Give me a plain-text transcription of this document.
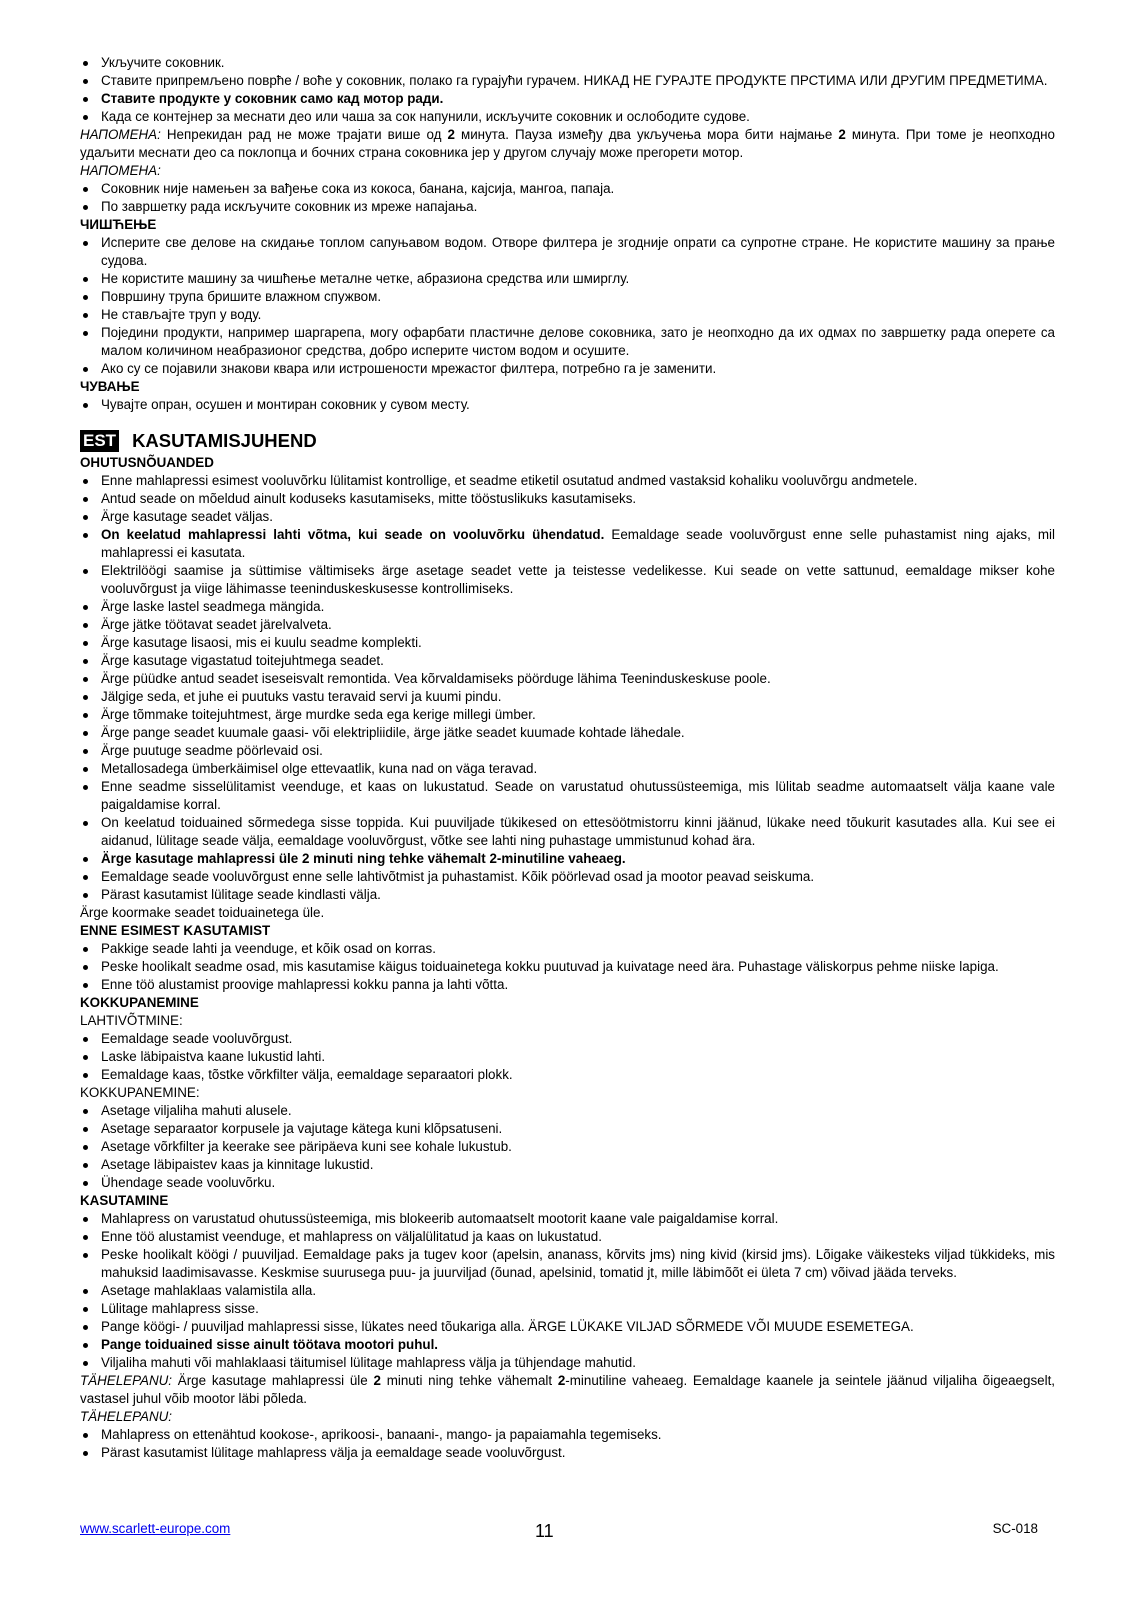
Укључите соковник.
Ставите припремљено поврће / воће у соковник, полако га гурајући гурачем. НИКАД НЕ ГУРАЈТЕ ПРОДУКТЕ ПРСТИМА ИЛИ ДРУГИМ ПРЕДМЕТИМА.
Ставите продукте у соковник само кад мотор ради.
Када се контејнер за меснати део или чаша за сок напунили, искључите соковник и ослободите судове.

НАПОМЕНА: Непрекидан рад не може трајати више од 2 минута. Пауза између два укључења мора бити најмање 2 минута. При томе је неопходно удаљити меснати део са поклопца и бочних страна соковника јер у другом случају може прегорети мотор.

НАПОМЕНА:

Соковник није намењен за вађење сока из кокоса, банана, кајсија, мангоа, папаја.
По завршетку рада искључите соковник из мреже напајања.
ЧИШЋЕЊЕ
Исперите све делове на скидање топлом сапуњавом водом. Отворе филтера је згодније опрати са супротне стране. Не користите машину за прање судова.
Не користите машину за чишћење металне четке, абразиона средства или шмирглу.
Површину трупа бришите влажном спужвом.
Не стављајте труп у воду.
Поједини продукти, например шаргарепа, могу офарбати пластичне делове соковника, зато је неопходно да их одмах по завршетку рада оперете са малом количином неабразионог средства, добро исперите чистом водом и осушите.
Ако су се појавили знакови квара или истрошености мрежастог филтера, потребно га је заменити.
ЧУВАЊЕ
Чувајте опран, осушен и монтиран соковник у сувом месту.
EST KASUTAMISJUHEND
OHUTUSNÕUANDED
Enne mahlapressi esimest vooluvõrku lülitamist kontrollige, et seadme etiketil osutatud andmed vastaksid kohaliku vooluvõrgu andmetele.
Antud seade on mõeldud ainult koduseks kasutamiseks, mitte tööstuslikuks kasutamiseks.
Ärge kasutage seadet väljas.
On keelatud mahlapressi lahti võtma, kui seade on vooluvõrku ühendatud. Eemaldage seade vooluvõrgust enne selle puhastamist ning ajaks, mil mahlapressi ei kasutata.
Elektrilöögi saamise ja süttimise vältimiseks ärge asetage seadet vette ja teistesse vedelikesse. Kui seade on vette sattunud, eemaldage mikser kohe vooluvõrgust ja viige lähimasse teeninduskeskusesse kontrollimiseks.
Ärge laske lastel seadmega mängida.
Ärge jätke töötavat seadet järelvalveta.
Ärge kasutage lisaosi, mis ei kuulu seadme komplekti.
Ärge kasutage vigastatud toitejuhtmega seadet.
Ärge püüdke antud seadet iseseisvalt remontida. Vea kõrvaldamiseks pöörduge lähima Teeninduskeskuse poole.
Jälgige seda, et juhe ei puutuks vastu teravaid servi ja kuumi pindu.
Ärge tõmmake toitejuhtmest, ärge murdke seda ega kerige millegi ümber.
Ärge pange seadet kuumale gaasi- või elektripliidile, ärge jätke seadet kuumade kohtade lähedale.
Ärge puutuge seadme pöörlevaid osi.
Metallosadega ümberkäimisel olge ettevaatlik, kuna nad on väga teravad.
Enne seadme sisselülitamist veenduge, et kaas on lukustatud. Seade on varustatud ohutussüsteemiga, mis lülitab seadme automaatselt välja kaane vale paigaldamise korral.
On keelatud toiduained sõrmedega sisse toppida. Kui puuviljade tükikesed on ettesöötmistorru kinni jäänud, lükake need tõukurit kasutades alla. Kui see ei aidanud, lülitage seade välja, eemaldage vooluvõrgust, võtke see lahti ning puhastage ummistunud kohad ära.
Ärge kasutage mahlapressi üle 2 minuti ning tehke vähemalt 2-minutiline vaheaeg.
Eemaldage seade vooluvõrgust enne selle lahtivõtmist ja puhastamist. Kõik pöörlevad osad ja mootor peavad seiskuma.
Pärast kasutamist lülitage seade kindlasti välja.

Ärge koormake seadet toiduainetega üle.

ENNE ESIMEST KASUTAMIST
Pakkige seade lahti ja veenduge, et kõik osad on korras.
Peske hoolikalt seadme osad, mis kasutamise käigus toiduainetega kokku puutuvad ja kuivatage need ära. Puhastage väliskorpus pehme niiske lapiga.
Enne töö alustamist proovige mahlapressi kokku panna ja lahti võtta.
KOKKUPANEMINE

LAHTIVÕTMINE:

Eemaldage seade vooluvõrgust.
Laske läbipaistva kaane lukustid lahti.
Eemaldage kaas, tõstke võrkfilter välja, eemaldage separaatori plokk.

KOKKUPANEMINE:

Asetage viljaliha mahuti alusele.
Asetage separaator korpusele ja vajutage kätega kuni klõpsatuseni.
Asetage võrkfilter ja keerake see päripäeva kuni see kohale lukustub.
Asetage läbipaistev kaas ja kinnitage lukustid.
Ühendage seade vooluvõrku.
KASUTAMINE
Mahlapress on varustatud ohutussüsteemiga, mis blokeerib automaatselt mootorit kaane vale paigaldamise korral.
Enne töö alustamist veenduge, et mahlapress on väljalülitatud ja kaas on lukustatud.
Peske hoolikalt köögi / puuviljad. Eemaldage paks ja tugev koor (apelsin, ananass, kõrvits jms) ning kivid (kirsid jms). Lõigake väikesteks viljad tükkideks, mis mahuksid laadimisavasse. Keskmise suurusega puu- ja juurviljad (õunad, apelsinid, tomatid jt, mille läbimõõt ei ületa 7 cm) võivad jääda terveks.
Asetage mahlaklaas valamistila alla.
Lülitage mahlapress sisse.
Pange köögi- / puuviljad mahlapressi sisse, lükates need tõukariga alla. ÄRGE LÜKAKE VILJAD SÕRMEDE VÕI MUUDE ESEMETEGA.
Pange toiduained sisse ainult töötava mootori puhul.
Viljaliha mahuti või mahlaklaasi täitumisel lülitage mahlapress välja ja tühjendage mahutid.

TÄHELEPANU: Ärge kasutage mahlapressi üle 2 minuti ning tehke vähemalt 2-minutiline vaheaeg. Eemaldage kaanele ja seintele jäänud viljaliha õigeaegselt, vastasel juhul võib mootor läbi põleda.

TÄHELEPANU:

Mahlapress on ettenähtud kookose-, aprikoosi-, banaani-, mango- ja papaiamahla tegemiseks.
Pärast kasutamist lülitage mahlapress välja ja eemaldage seade vooluvõrgust.
www.scarlett-europe.com	11	SC-018
